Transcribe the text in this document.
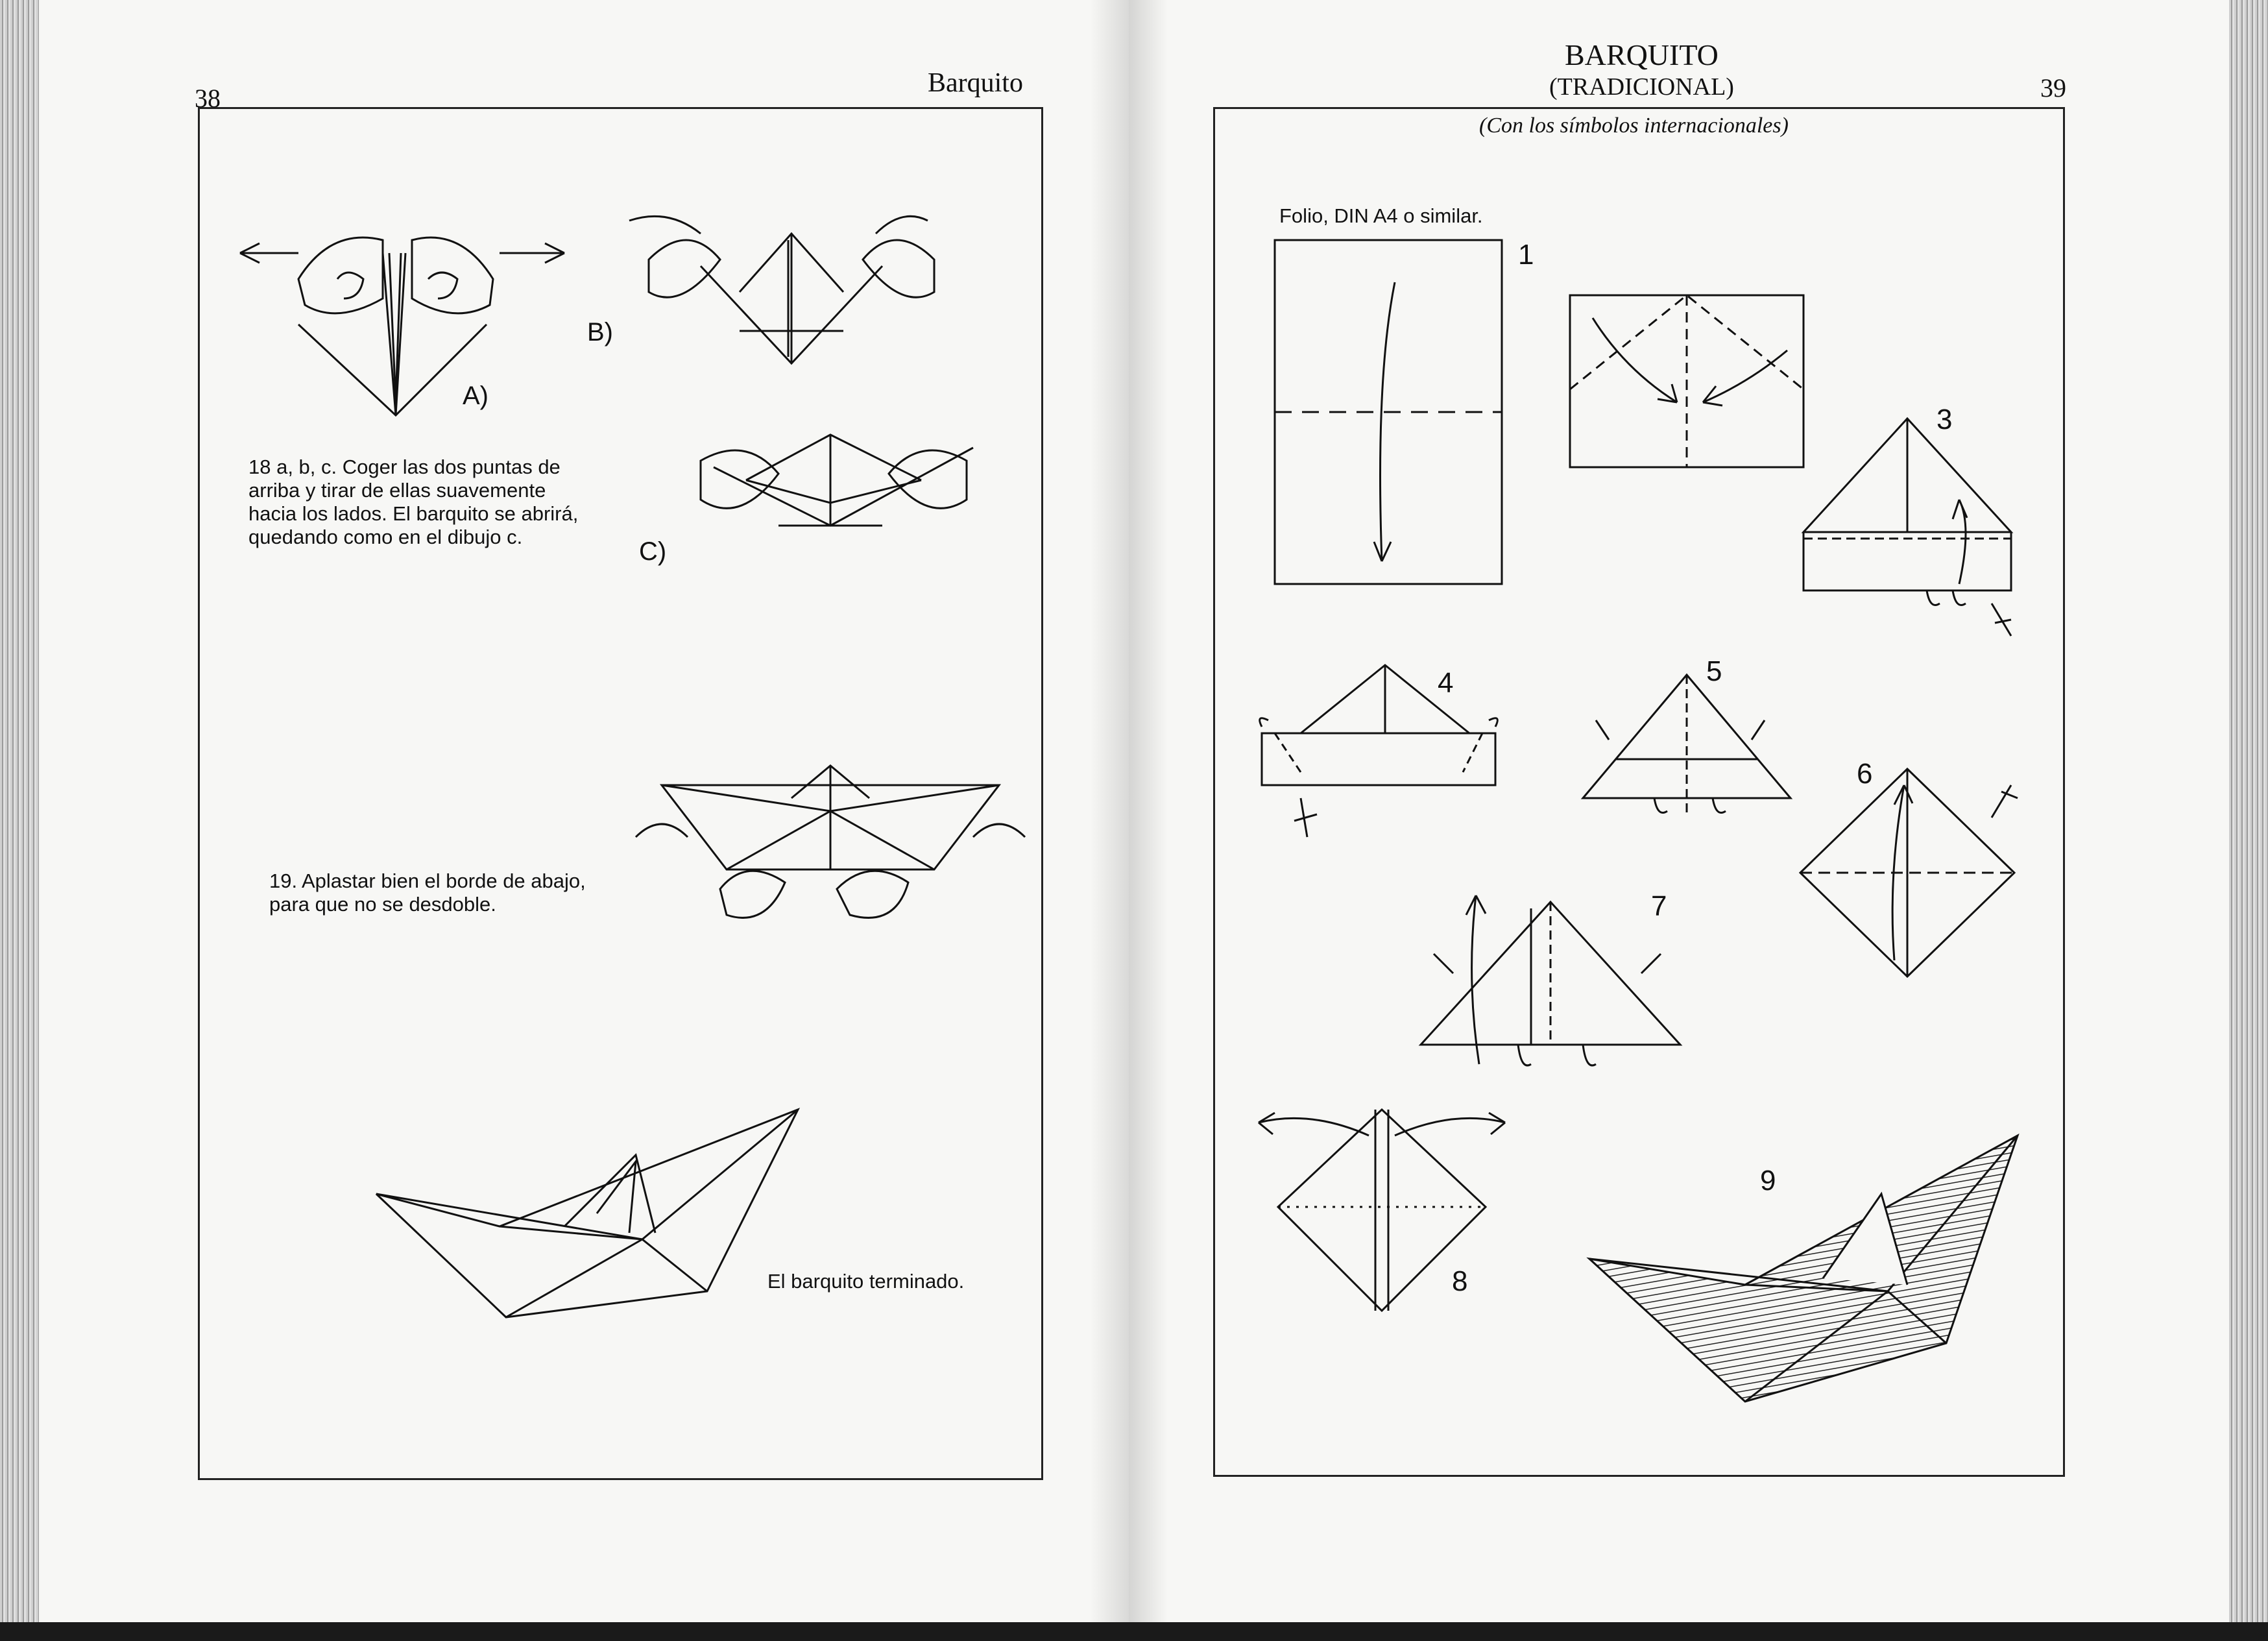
38

Barquito

A)

B)

18 a, b, c. Coger las dos puntas de arriba y tirar de ellas suavemente hacia los lados. El barquito se abrirá, quedando como en el dibujo c.

C)

19. Aplastar bien el borde de abajo, para que no se desdoble.

El barquito terminado.

BARQUITO

(TRADICIONAL)	39

(Con los símbolos internacionales)

Folio, DIN A4 o similar.

1

3

4	5

6

7

8

9
